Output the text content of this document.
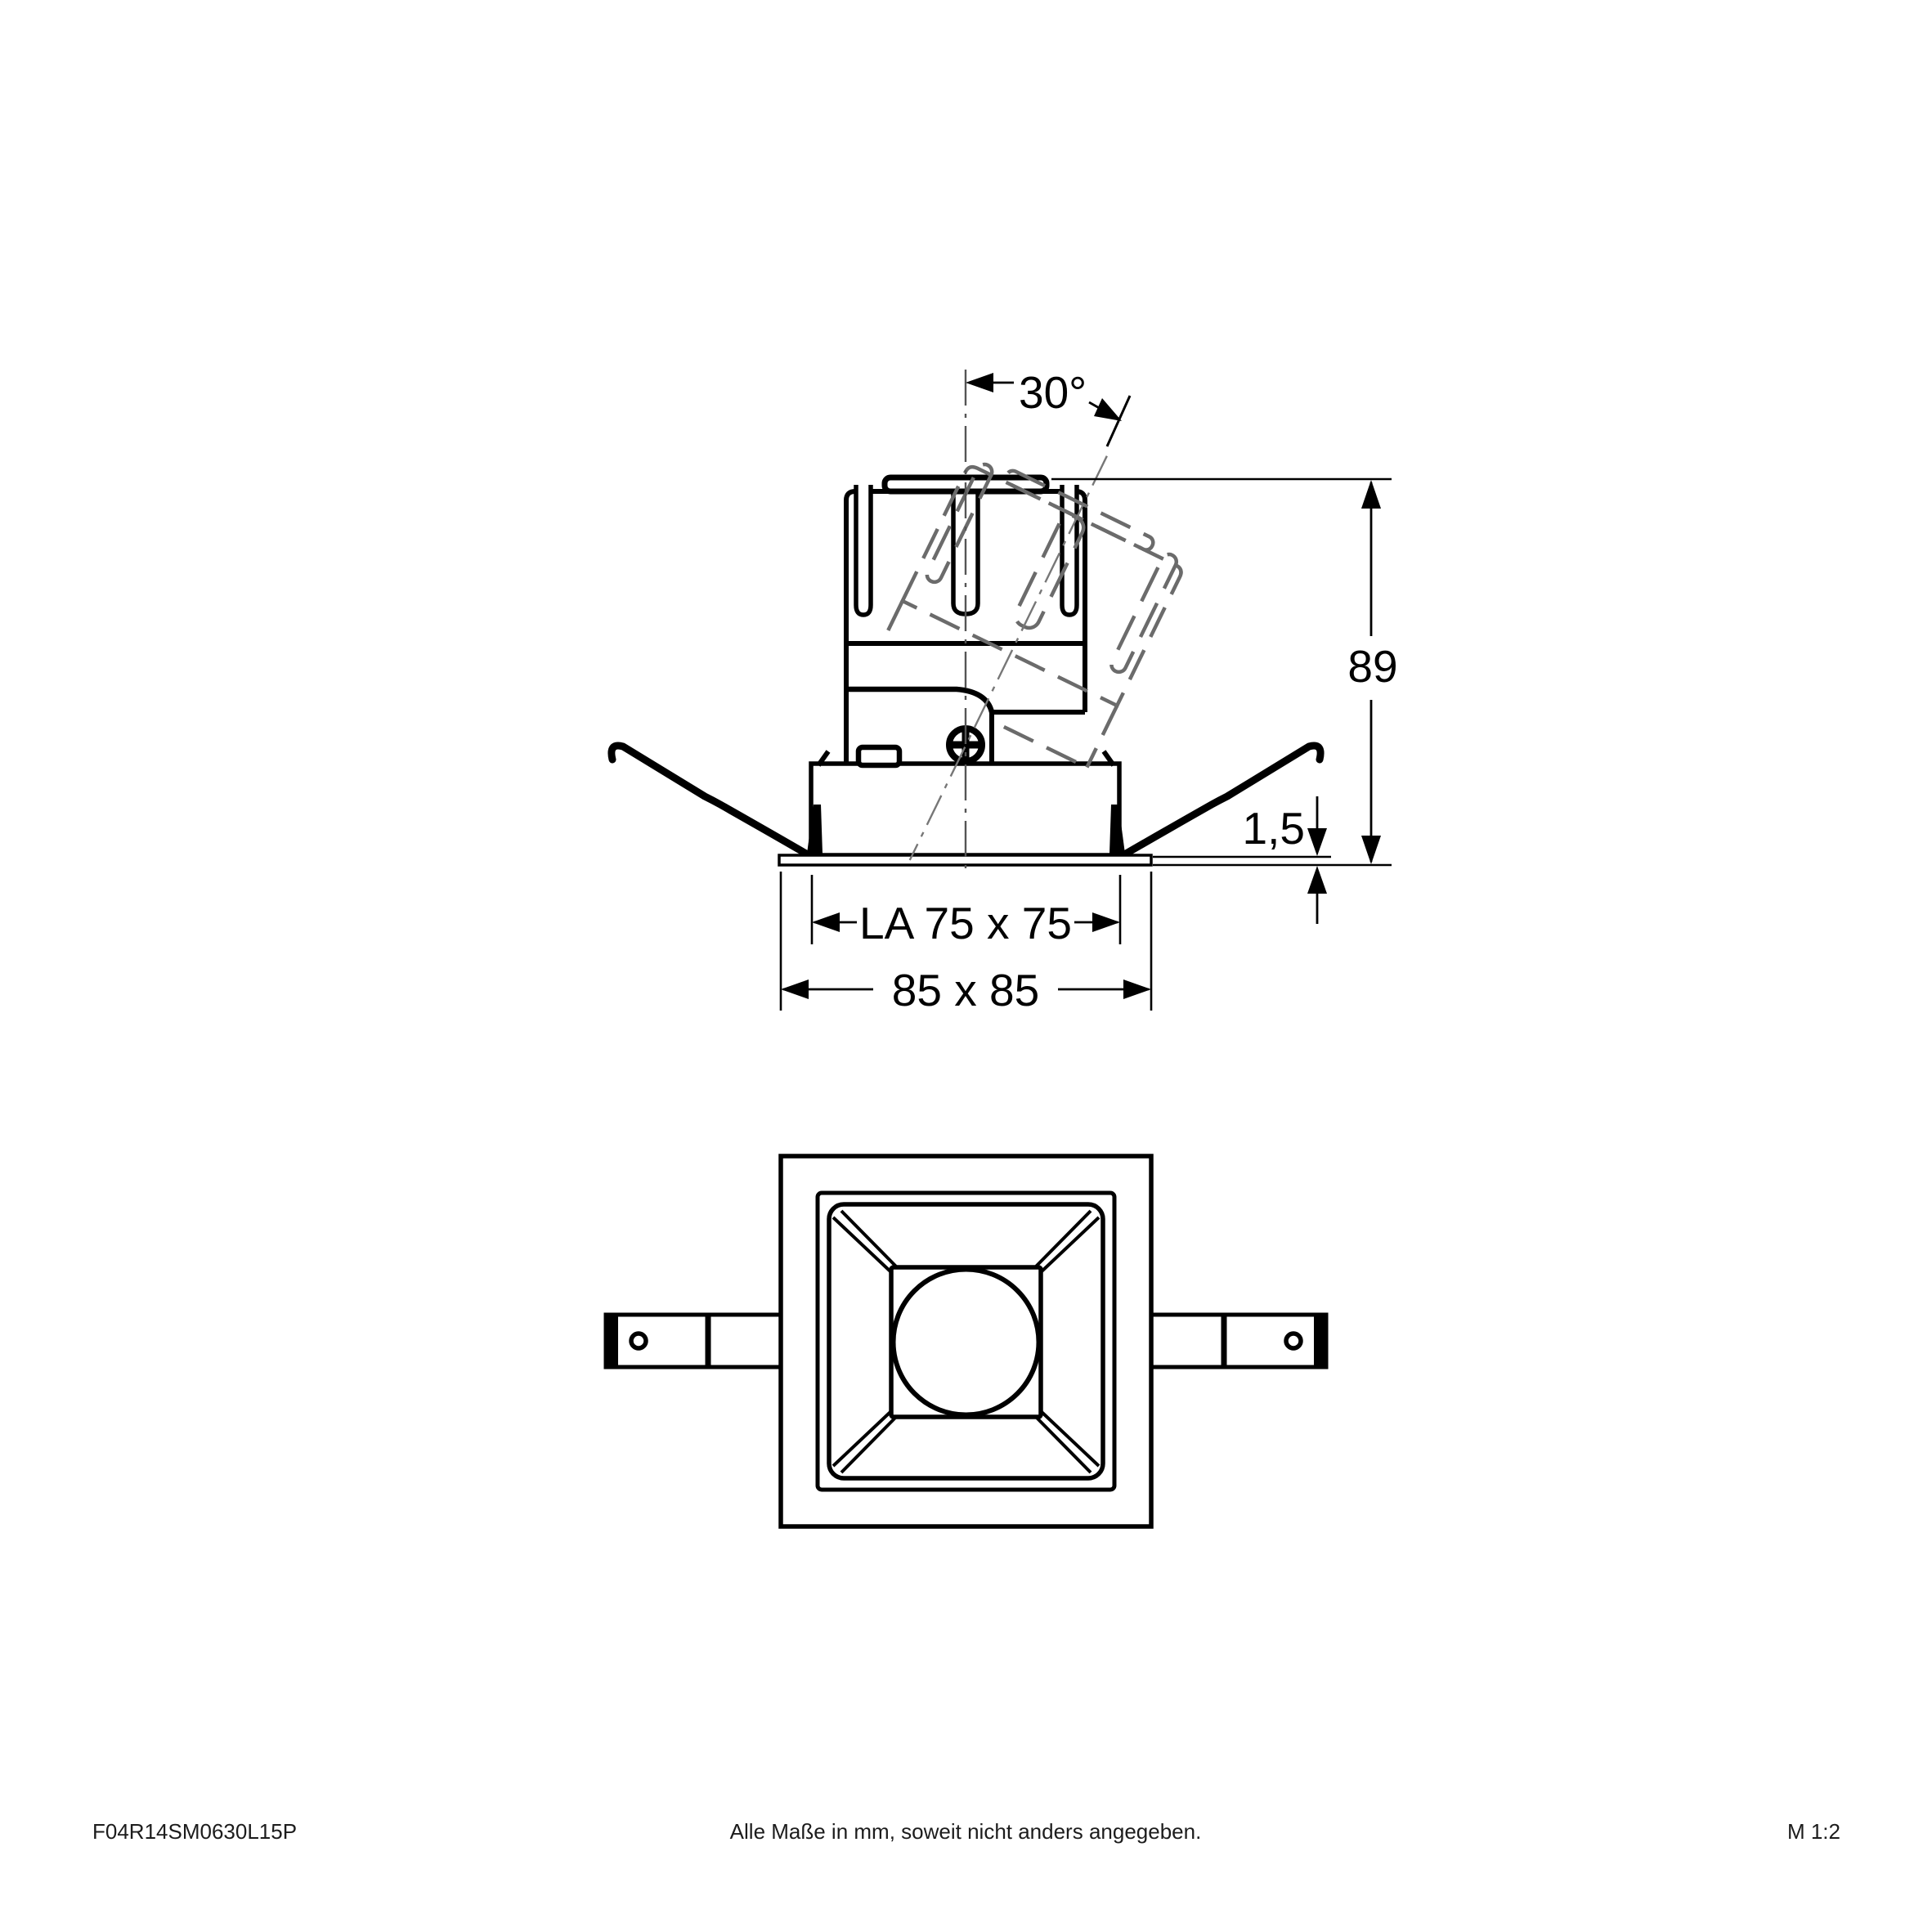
30°
89
1,5
LA 75 x 75
85 x 85
F04R14SM0630L15P	Alle Maße in mm, soweit nicht anders angegeben.	M 1:2
